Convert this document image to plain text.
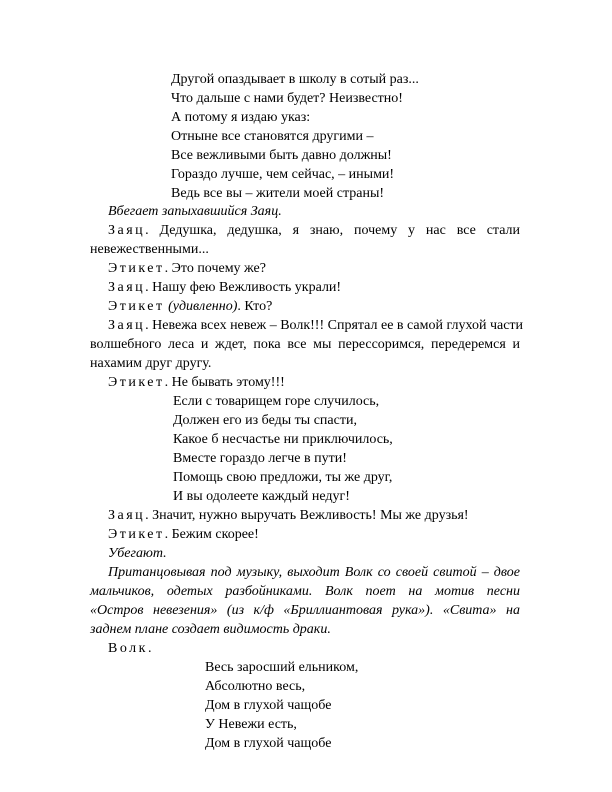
Другой опаздывает в школу в сотый раз...
Что дальше с нами будет? Неизвестно!
А потому я издаю указ:
Отныне все становятся другими –
Все вежливыми быть давно должны!
Гораздо лучше, чем сейчас, – иными!
Ведь все вы – жители моей страны!
Вбегает запыхавшийся Заяц.
Заяц. Дедушка, дедушка, я знаю, почему у нас все стали
невежественными...
Этикет. Это почему же?
Заяц. Нашу фею Вежливость украли!
Этикет (удивленно). Кто?
Заяц. Невежа всех невеж – Волк!!! Спрятал ее в самой глухой части
волшебного леса и ждет, пока все мы перессоримся, передеремся и
нахамим друг другу.
Этикет. Не бывать этому!!!
Если с товарищем горе случилось,
Должен его из беды ты спасти,
Какое б несчастье ни приключилось,
Вместе гораздо легче в пути!
Помощь свою предложи, ты же друг,
И вы одолеете каждый недуг!
Заяц. Значит, нужно выручать Вежливость! Мы же друзья!
Этикет. Бежим скорее!
Убегают.
Пританцовывая под музыку, выходит Волк со своей свитой – двое
мальчиков, одетых разбойниками. Волк поет на мотив песни
«Остров невезения» (из к/ф «Бриллиантовая рука»). «Свита» на
заднем плане создает видимость драки.
Волк.
Весь заросший ельником,
Абсолютно весь,
Дом в глухой чащобе
У Невежи есть,
Дом в глухой чащобе
